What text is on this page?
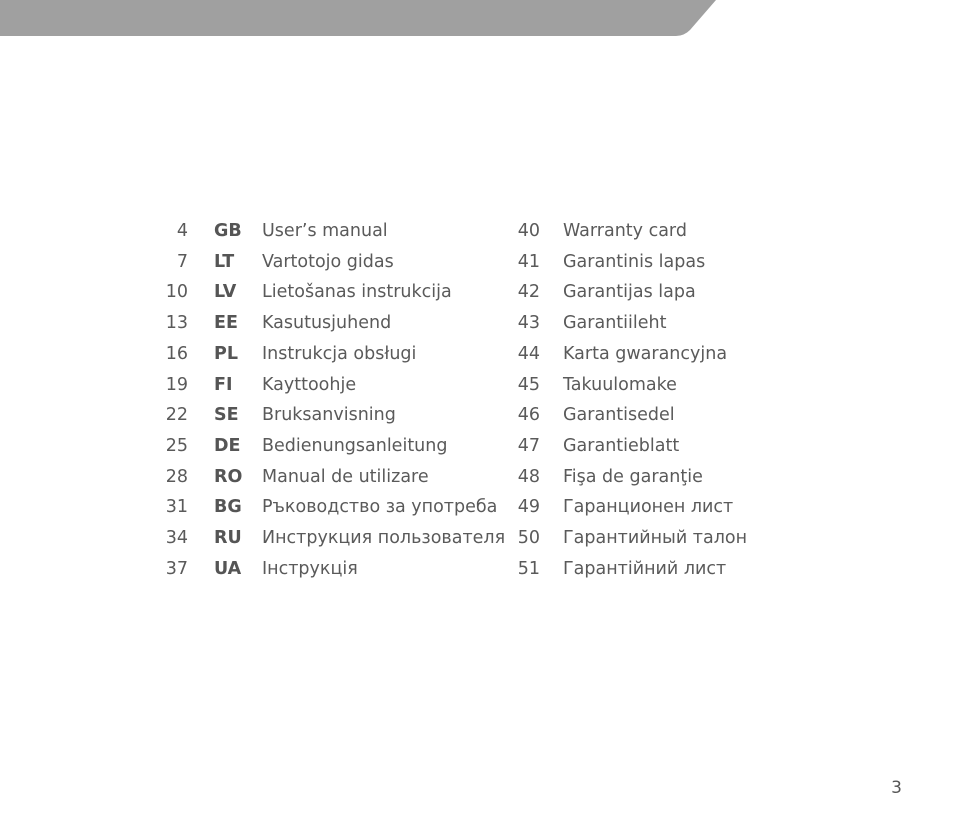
4 GB User’s manual
7 LT Vartotojo gidas
10 LV Lietošanas instrukcija
13 EE Kasutusjuhend
16 PL Instrukcja obsługi
19 FI Kayttoohje
22 SE Bruksanvisning
25 DE Bedienungsanleitung
28 RO Manual de utilizare
31 BG Ръководство за употреба
34 RU Инструкция пользователя
37 UA Інструкція
40 Warranty card
41 Garantinis lapas
42 Garantijas lapa
43 Garantiileht
44 Karta gwarancyjna
45 Takuulomake
46 Garantisedel
47 Garantieblatt
48 Fişa de garanţie
49 Гаранционен лист
50 Гарантийный талон
51 Гарантійний лист
3
